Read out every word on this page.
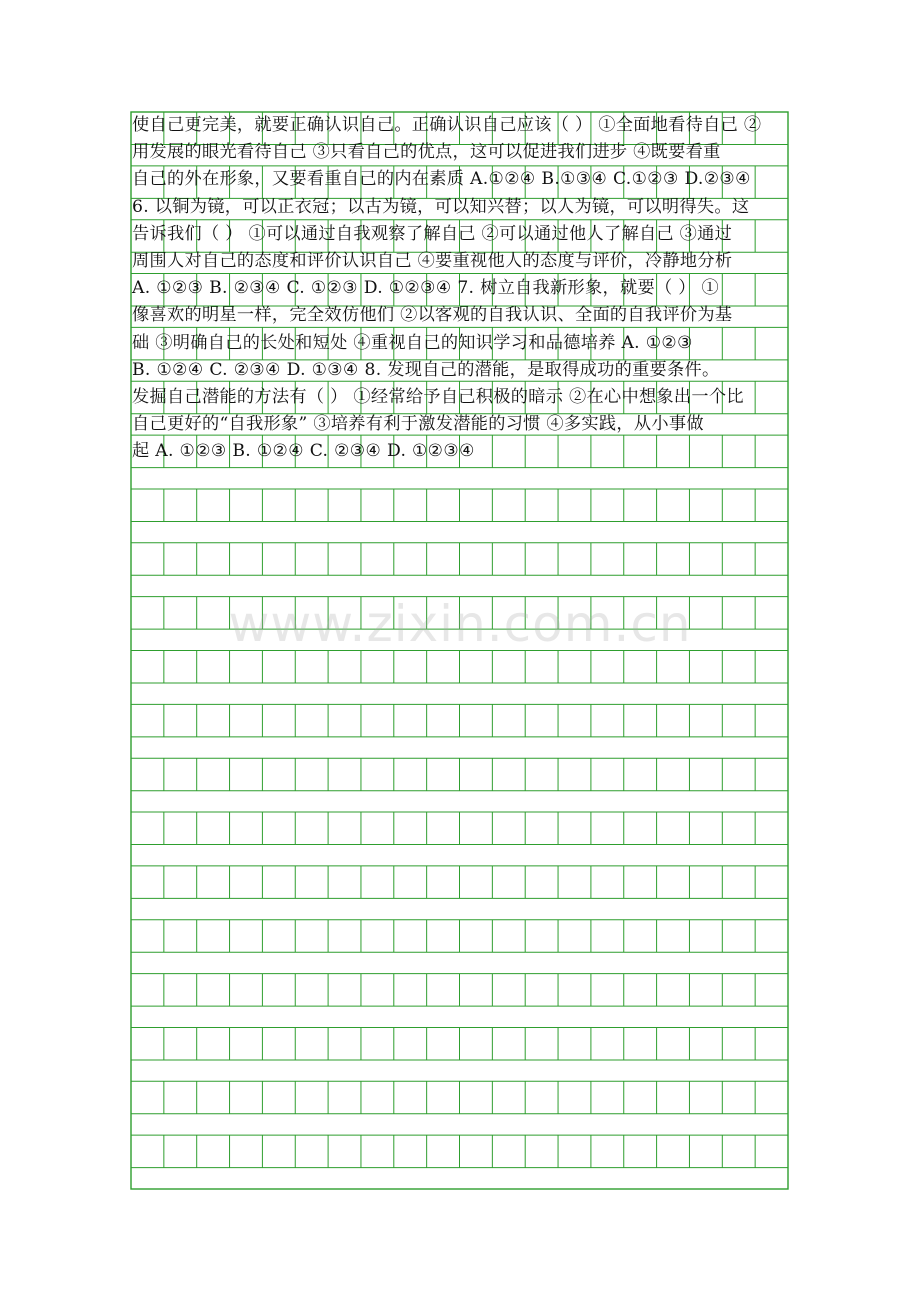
使自己更完美，就要正确认识自己。正确认识自己应该（ ） ①全面地看待自己 ②
用发展的眼光看待自己 ③只看自己的优点，这可以促进我们进步 ④既要看重
自己的外在形象，又要看重自己的内在素质 A.①②④ B.①③④ C.①②③ D.②③④
6. 以铜为镜，可以正衣冠；以古为镜，可以知兴替；以人为镜，可以明得失。这
告诉我们（ ） ①可以通过自我观察了解自己 ②可以通过他人了解自己 ③通过
周围人对自己的态度和评价认识自己 ④要重视他人的态度与评价，冷静地分析
A. ①②③ B. ②③④ C. ①②③ D. ①②③④ 7. 树立自我新形象，就要（ ） ①
像喜欢的明星一样，完全效仿他们 ②以客观的自我认识、全面的自我评价为基
础 ③明确自己的长处和短处 ④重视自己的知识学习和品德培养 A. ①②③
B. ①②④ C. ②③④ D. ①③④ 8. 发现自己的潜能，是取得成功的重要条件。
发掘自己潜能的方法有（ ） ①经常给予自己积极的暗示 ②在心中想象出一个比
自己更好的“自我形象” ③培养有利于激发潜能的习惯 ④多实践，从小事做
起 A. ①②③ B. ①②④ C. ②③④ D. ①②③④
www.zixin.com.cn
